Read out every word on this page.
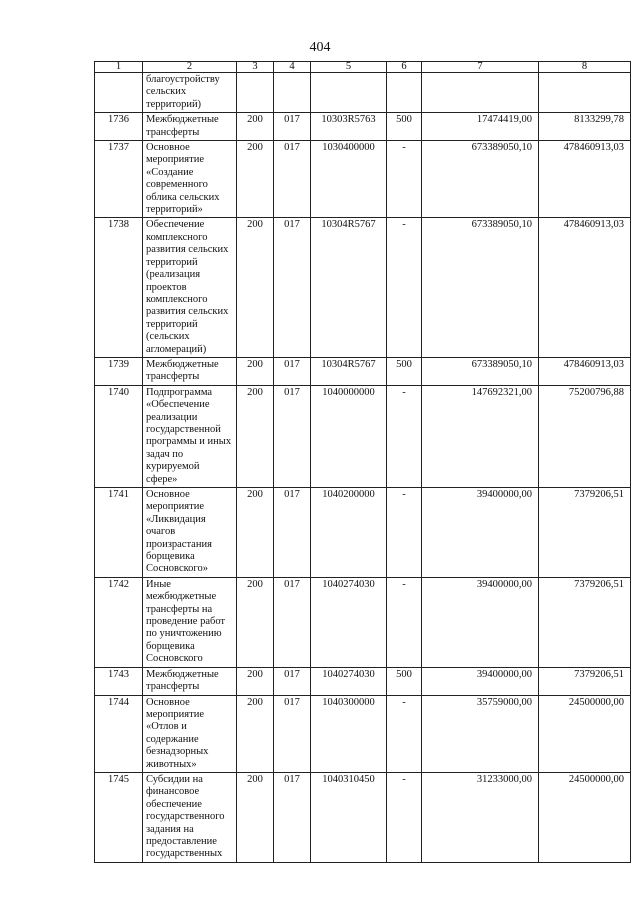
404
1	2	3	4	5	6	7	8
	благоустройству сельских территорий)						
1736	Межбюджетные трансферты	200	017	10303R5763	500	17474419,00	8133299,78
1737	Основное мероприятие «Создание современного облика сельских территорий»	200	017	1030400000	-	673389050,10	478460913,03
1738	Обеспечение комплексного развития сельских территорий (реализация проектов комплексного развития сельских территорий (сельских агломераций)	200	017	10304R5767	-	673389050,10	478460913,03
1739	Межбюджетные трансферты	200	017	10304R5767	500	673389050,10	478460913,03
1740	Подпрограмма «Обеспечение реализации государственной программы и иных задач по курируемой сфере»	200	017	1040000000	-	147692321,00	75200796,88
1741	Основное мероприятие «Ликвидация очагов произрастания борщевика Сосновского»	200	017	1040200000	-	39400000,00	7379206,51
1742	Иные межбюджетные трансферты на проведение работ по уничтожению борщевика Сосновского	200	017	1040274030	-	39400000,00	7379206,51
1743	Межбюджетные трансферты	200	017	1040274030	500	39400000,00	7379206,51
1744	Основное мероприятие «Отлов и содержание безнадзорных животных»	200	017	1040300000	-	35759000,00	24500000,00
1745	Субсидии на финансовое обеспечение государственного задания на предоставление государственных	200	017	1040310450	-	31233000,00	24500000,00
